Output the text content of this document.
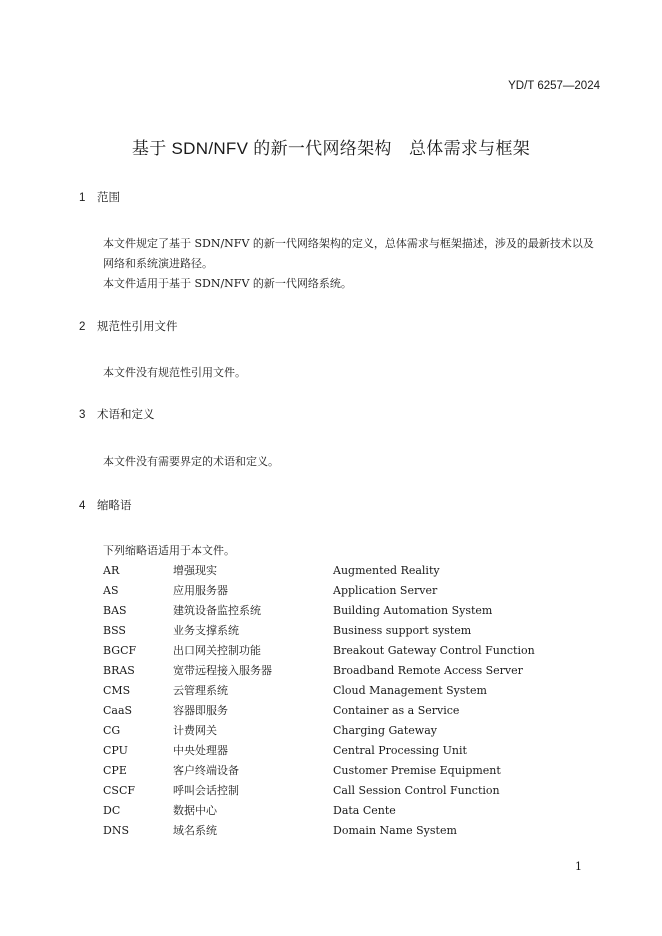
YD/T 6257—2024
基于 SDN/NFV 的新一代网络架构　总体需求与框架
1 范围
本文件规定了基于 SDN/NFV 的新一代网络架构的定义，总体需求与框架描述，涉及的最新技术以及网络和系统演进路径。
本文件适用于基于 SDN/NFV 的新一代网络系统。
2 规范性引用文件
本文件没有规范性引用文件。
3 术语和定义
本文件没有需要界定的术语和定义。
4 缩略语
下列缩略语适用于本文件。
AR	增强现实	Augmented Reality
AS	应用服务器	Application Server
BAS	建筑设备监控系统	Building Automation System
BSS	业务支撑系统	Business support system
BGCF	出口网关控制功能	Breakout Gateway Control Function
BRAS	宽带远程接入服务器	Broadband Remote Access Server
CMS	云管理系统	Cloud Management System
CaaS	容器即服务	Container as a Service
CG	计费网关	Charging Gateway
CPU	中央处理器	Central Processing Unit
CPE	客户终端设备	Customer Premise Equipment
CSCF	呼叫会话控制	Call Session Control Function
DC	数据中心	Data Cente
DNS	域名系统	Domain Name System
1
